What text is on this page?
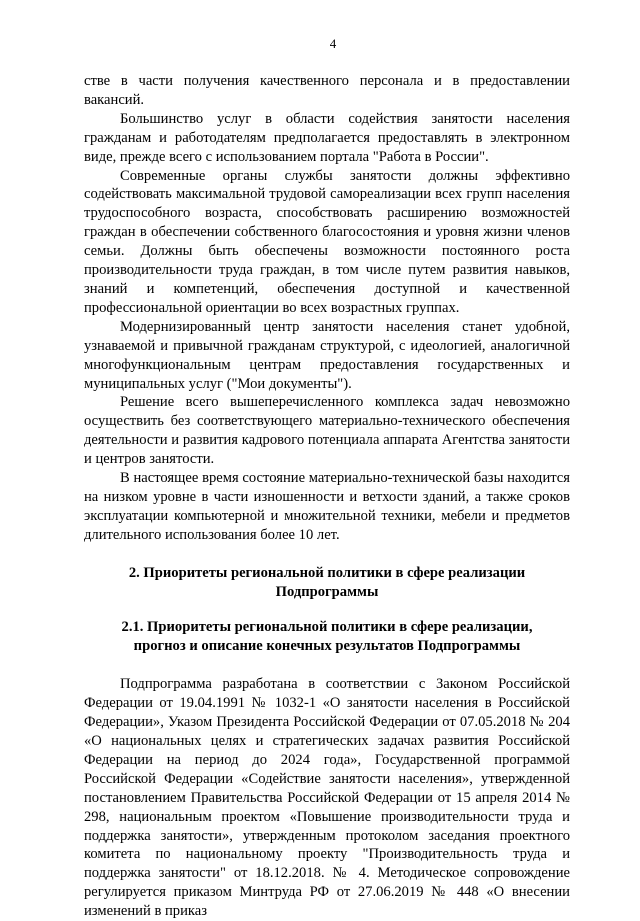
4

стве в части получения качественного персонала и в предоставлении вакансий.

Большинство услуг в области содействия занятости населения гражданам и работодателям предполагается предоставлять в электронном виде, прежде всего с использованием портала "Работа в России".

Современные органы службы занятости должны эффективно содействовать максимальной трудовой самореализации всех групп населения трудоспособного возраста, способствовать расширению возможностей граждан в обеспечении собственного благосостояния и уровня жизни членов семьи. Должны быть обеспечены возможности постоянного роста производительности труда граждан, в том числе путем развития навыков, знаний и компетенций, обеспечения доступной и качественной профессиональной ориентации во всех возрастных группах.

Модернизированный центр занятости населения станет удобной, узнаваемой и привычной гражданам структурой, с идеологией, аналогичной многофункциональным центрам предоставления государственных и муниципальных услуг ("Мои документы").

Решение всего вышеперечисленного комплекса задач невозможно осуществить без соответствующего материально-технического обеспечения деятельности и развития кадрового потенциала аппарата Агентства занятости и центров занятости.

В настоящее время состояние материально-технической базы находится на низком уровне в части изношенности и ветхости зданий, а также сроков эксплуатации компьютерной и множительной техники, мебели и предметов длительного использования более 10 лет.

2. Приоритеты региональной политики в сфере реализации
Подпрограммы
2.1. Приоритеты региональной политики в сфере реализации,
прогноз и описание конечных результатов Подпрограммы

Подпрограмма разработана в соответствии с Законом Российской Федерации от 19.04.1991 № 1032-1 «О занятости населения в Российской Федерации», Указом Президента Российской Федерации от 07.05.2018 № 204 «О национальных целях и стратегических задачах развития Российской Федерации на период до 2024 года», Государственной программой Российской Федерации «Содействие занятости населения», утвержденной постановлением Правительства Российской Федерации от 15 апреля 2014 № 298, национальным проектом «Повышение производительности труда и поддержка занятости», утвержденным протоколом заседания проектного комитета по национальному проекту "Производительность труда и поддержка занятости" от 18.12.2018. № 4. Методическое сопровождение регулируется приказом Минтруда РФ от 27.06.2019 № 448 «О внесении изменений в приказ
